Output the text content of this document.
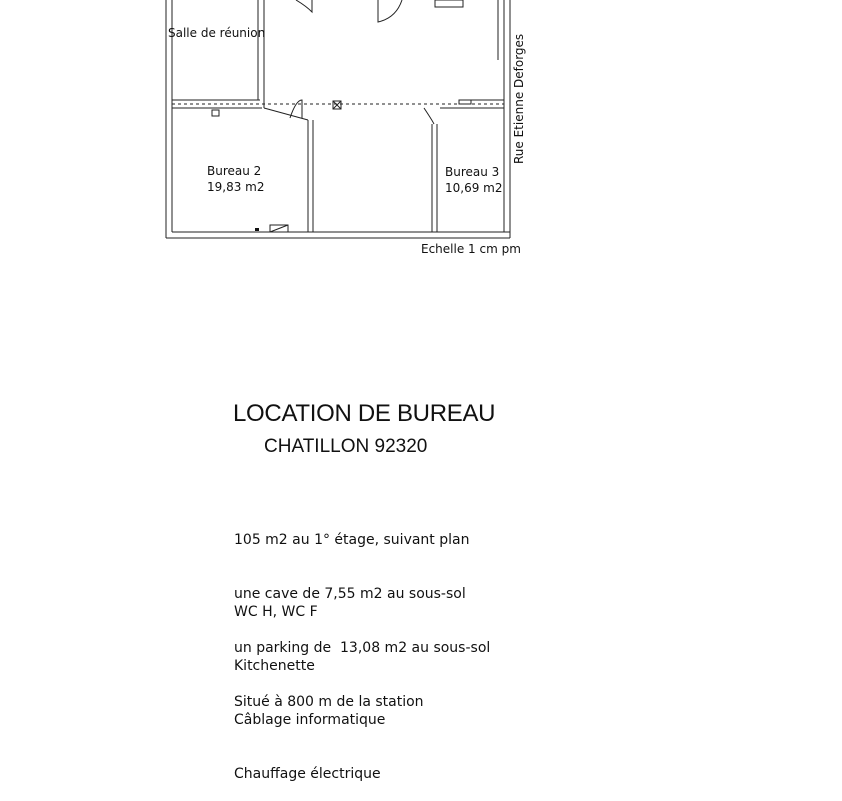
Salle de réunion
Bureau 2
19,83 m2
Bureau 3
10,69 m2
Rue Etienne Deforges
Echelle 1 cm pm
LOCATION DE BUREAU
CHATILLON 92320

105 m2 au 1° étage, suivant plan

une cave de 7,55 m2 au sous-sol

un parking de  13,08 m2 au sous-sol

WC H, WC F

Kitchenette

Câblage informatique

Chauffage électrique

Situé à 800 m de la station
